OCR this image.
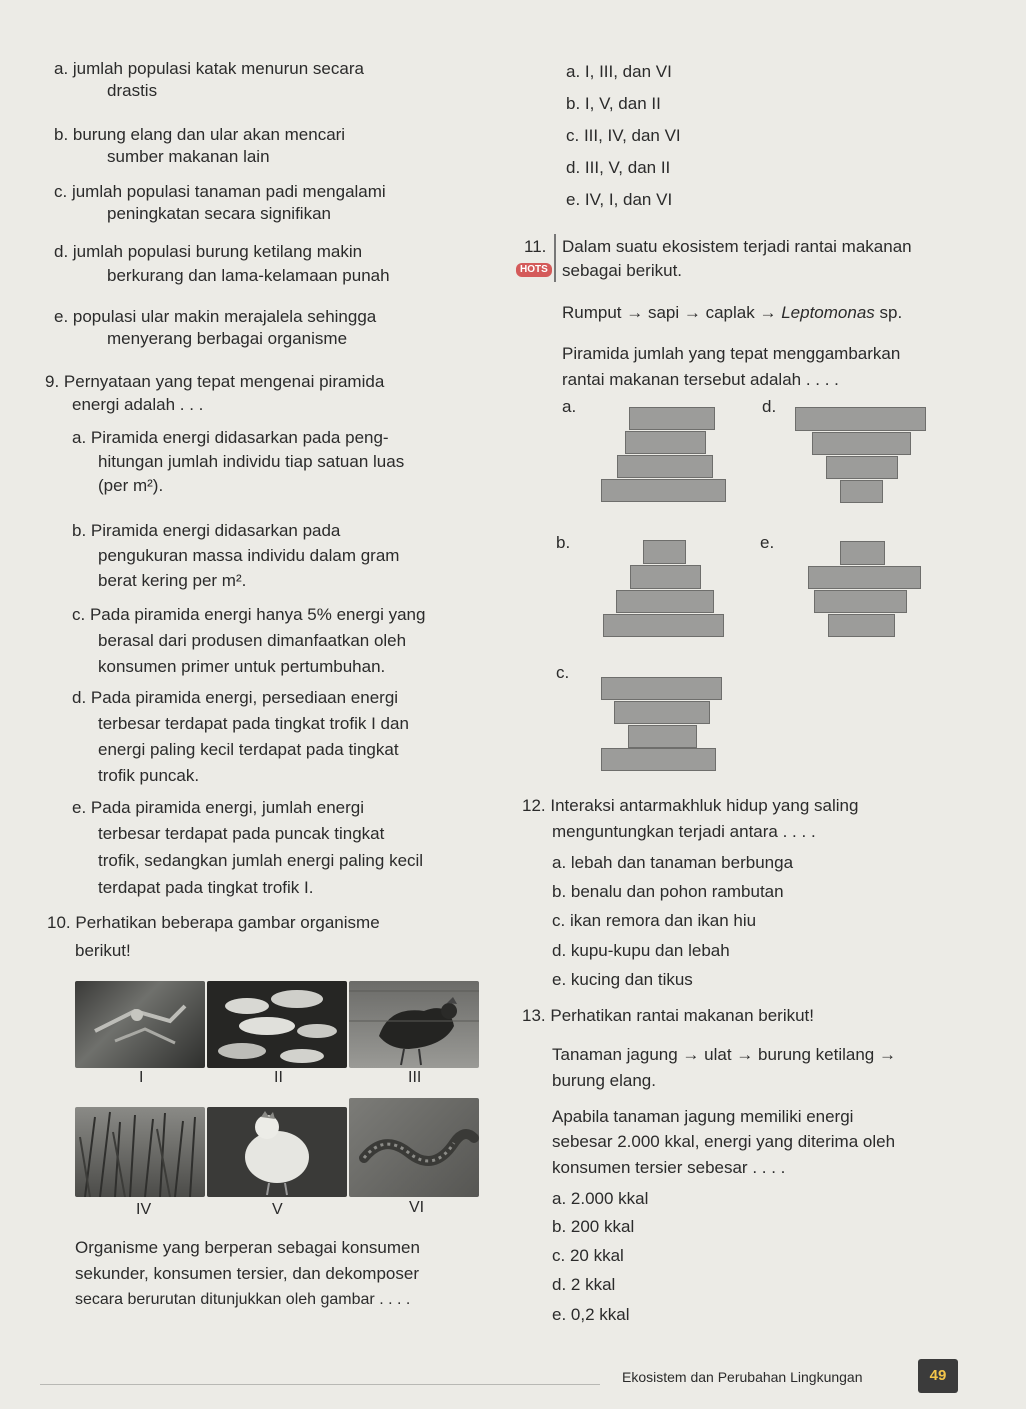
a. jumlah populasi katak menurun secara
drastis
b. burung elang dan ular akan mencari
sumber makanan lain
c. jumlah populasi tanaman padi mengalami
peningkatan secara signifikan
d. jumlah populasi burung ketilang makin
berkurang dan lama-kelamaan punah
e. populasi ular makin merajalela sehingga
menyerang berbagai organisme
9. Pernyataan yang tepat mengenai piramida
energi adalah . . .
a. Piramida energi didasarkan pada peng-
hitungan jumlah individu tiap satuan luas
(per m²).
b. Piramida energi didasarkan pada
pengukuran massa individu dalam gram
berat kering per m².
c. Pada piramida energi hanya 5% energi yang
berasal dari produsen dimanfaatkan oleh
konsumen primer untuk pertumbuhan.
d. Pada piramida energi, persediaan energi
terbesar terdapat pada tingkat trofik I dan
energi paling kecil terdapat pada tingkat
trofik puncak.
e. Pada piramida energi, jumlah energi
terbesar terdapat pada puncak tingkat
trofik, sedangkan jumlah energi paling kecil
terdapat pada tingkat trofik I.
10. Perhatikan beberapa gambar organisme
berikut!
I	II	III
IV	V	VI
Organisme yang berperan sebagai konsumen
sekunder, konsumen tersier, dan dekomposer
secara berurutan ditunjukkan oleh gambar . . . .
a. I, III, dan VI
b. I, V, dan II
c. III, IV, dan VI
d. III, V, dan II
e. IV, I, dan VI
11. Dalam suatu ekosistem terjadi rantai makanan
HOTS sebagai berikut.
Rumput → sapi → caplak → Leptomonas sp.
Piramida jumlah yang tepat menggambarkan
rantai makanan tersebut adalah . . . .
a.	d.
b.	e.
c.
12. Interaksi antarmakhluk hidup yang saling
menguntungkan terjadi antara . . . .
a. lebah dan tanaman berbunga
b. benalu dan pohon rambutan
c. ikan remora dan ikan hiu
d. kupu-kupu dan lebah
e. kucing dan tikus
13. Perhatikan rantai makanan berikut!
Tanaman jagung → ulat → burung ketilang →
burung elang.
Apabila tanaman jagung memiliki energi
sebesar 2.000 kkal, energi yang diterima oleh
konsumen tersier sebesar . . . .
a. 2.000 kkal
b. 200 kkal
c. 20 kkal
d. 2 kkal
e. 0,2 kkal
Ekosistem dan Perubahan Lingkungan	49
